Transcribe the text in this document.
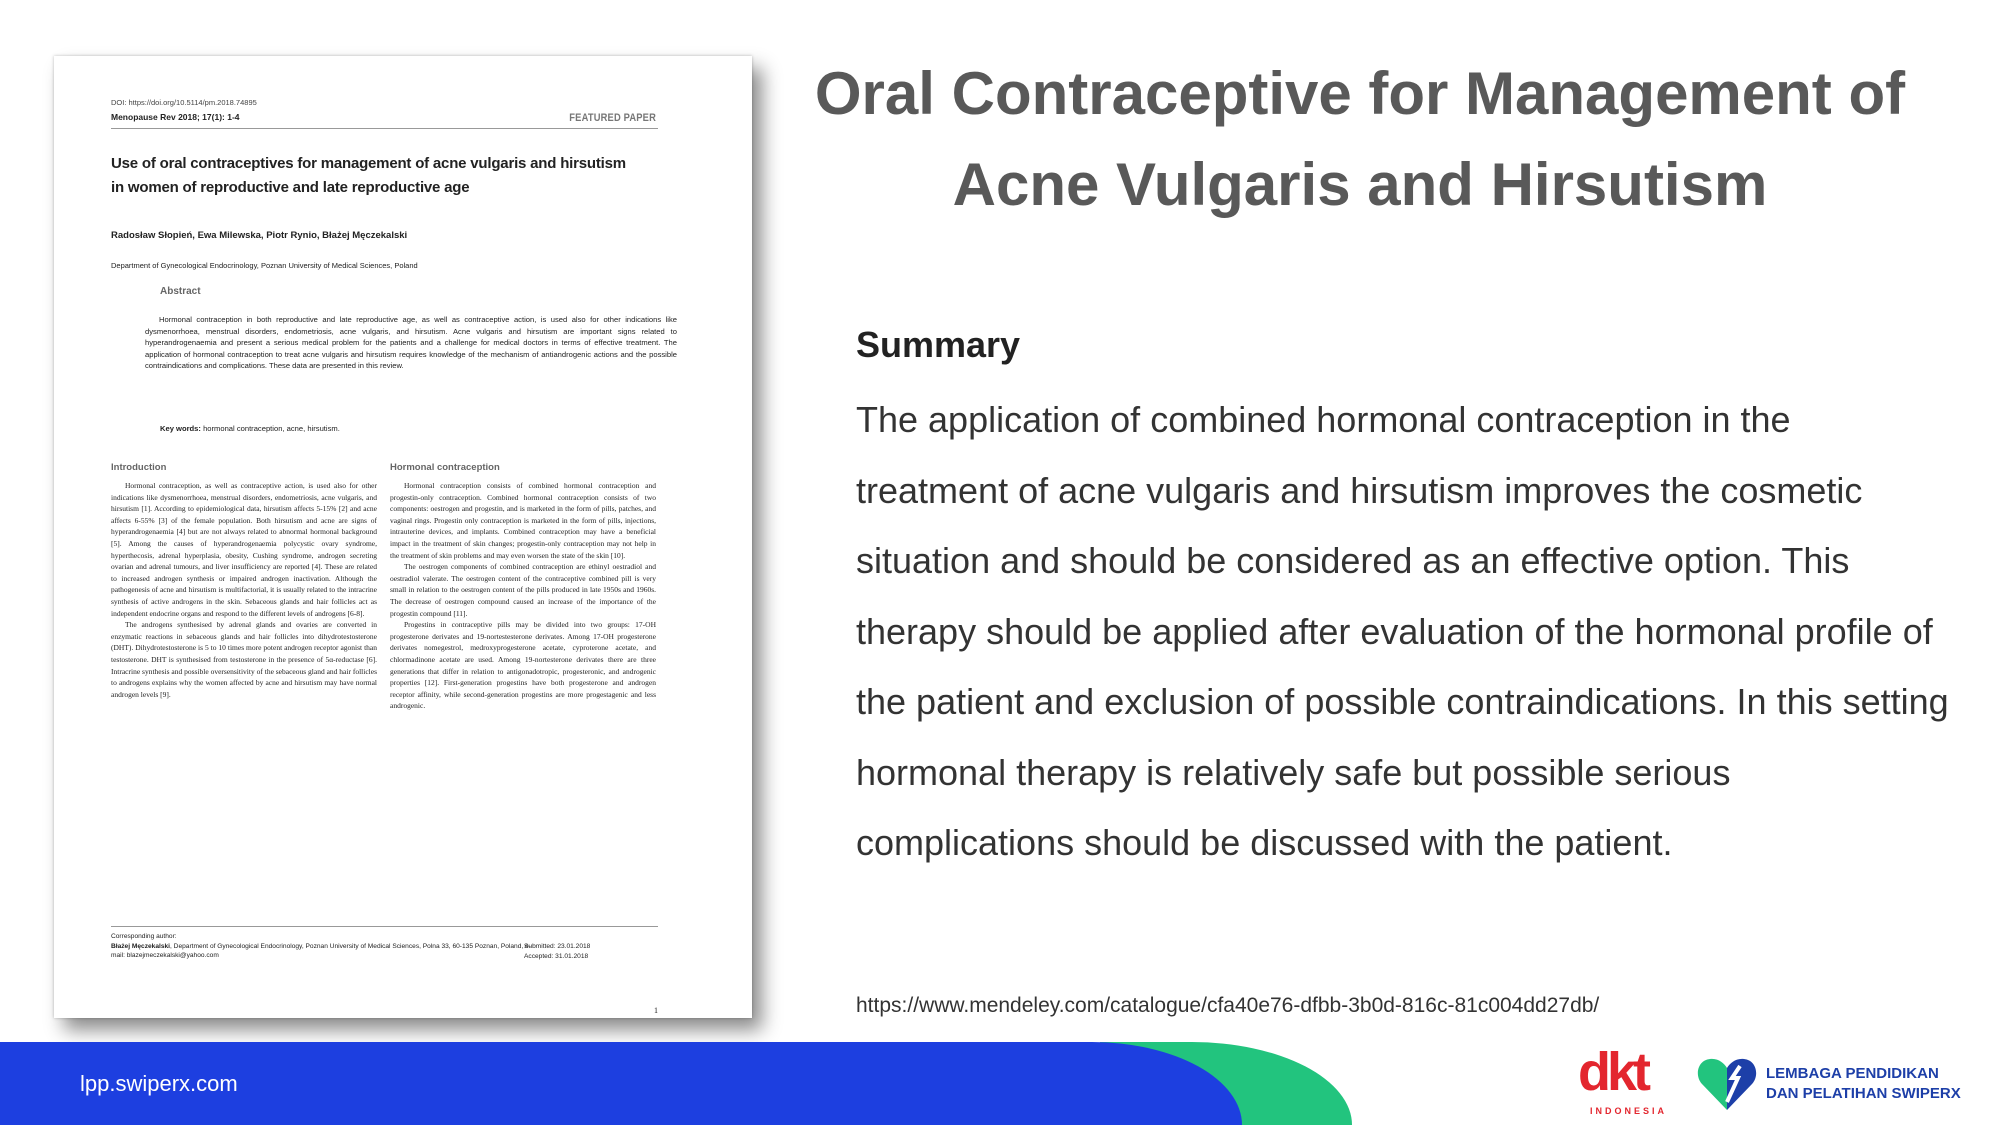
DOI: https://doi.org/10.5114/pm.2018.74895
Menopause Rev 2018; 17(1): 1-4	FEATURED PAPER
Use of oral contraceptives for management of acne vulgaris and hirsutism in women of reproductive and late reproductive age
Radosław Słopień, Ewa Milewska, Piotr Rynio, Błażej Męczekalski
Department of Gynecological Endocrinology, Poznan University of Medical Sciences, Poland
Abstract
Hormonal contraception in both reproductive and late reproductive age, as well as contraceptive action, is used also for other indications like dysmenorrhoea, menstrual disorders, endometriosis, acne vulgaris, and hirsutism. Acne vulgaris and hirsutism are important signs related to hyperandrogenaemia and present a serious medical problem for the patients and a challenge for medical doctors in terms of effective treatment. The application of hormonal contraception to treat acne vulgaris and hirsutism requires knowledge of the mechanism of antiandrogenic actions and the possible contraindications and complications. These data are presented in this review.
Key words: hormonal contraception, acne, hirsutism.
Introduction	Hormonal contraception

Hormonal contraception, as well as contraceptive action, is used also for other indications like dysmenorrhoea, menstrual disorders, endometriosis, acne vulgaris, and hirsutism [1]. According to epidemiological data, hirsutism affects 5-15% [2] and acne affects 6-55% [3] of the female population. Both hirsutism and acne are signs of hyperandrogenaemia [4] but are not always related to abnormal hormonal background [5]. Among the causes of hyperandrogenaemia polycystic ovary syndrome, hyperthecosis, adrenal hyperplasia, obesity, Cushing syndrome, androgen secreting ovarian and adrenal tumours, and liver insufficiency are reported [4]. These are related to increased androgen synthesis or impaired androgen inactivation. Although the pathogenesis of acne and hirsutism is multifactorial, it is usually related to the intracrine synthesis of active androgens in the skin. Sebaceous glands and hair follicles act as independent endocrine organs and respond to the different levels of androgens [6-8].

The androgens synthesised by adrenal glands and ovaries are converted in enzymatic reactions in sebaceous glands and hair follicles into dihydrotestosterone (DHT). Dihydrotestosterone is 5 to 10 times more potent androgen receptor agonist than testosterone. DHT is synthesised from testosterone in the presence of 5α-reductase [6]. Intracrine synthesis and possible oversensitivity of the sebaceous gland and hair follicles to androgens explains why the women affected by acne and hirsutism may have normal androgen levels [9].

Hormonal contraception consists of combined hormonal contraception and progestin-only contraception. Combined hormonal contraception consists of two components: oestrogen and progestin, and is marketed in the form of pills, patches, and vaginal rings. Progestin only contraception is marketed in the form of pills, injections, intrauterine devices, and implants. Combined contraception may have a beneficial impact in the treatment of skin changes; progestin-only contraception may not help in the treatment of skin problems and may even worsen the state of the skin [10].

The oestrogen components of combined contraception are ethinyl oestradiol and oestradiol valerate. The oestrogen content of the contraceptive combined pill is very small in relation to the oestrogen content of the pills produced in late 1950s and 1960s. The decrease of oestrogen compound caused an increase of the importance of the progestin compound [11].

Progestins in contraceptive pills may be divided into two groups: 17-OH progesterone derivates and 19-nortestesterone derivates. Among 17-OH progesterone derivates nomegestrol, medroxyprogesterone acetate, cyproterone acetate, and chlormadinone acetate are used. Among 19-nortesterone derivates there are three generations that differ in relation to antigonadotropic, progesteronic, and androgenic properties [12]. First-generation progestins have both progesterone and androgen receptor affinity, while second-generation progestins are more progestagenic and less androgenic.

Corresponding author:
Błażej Męczekalski, Department of Gynecological Endocrinology, Poznan University of Medical Sciences, Polna 33, 60-135 Poznan, Poland, e-mail: blazejmeczekalski@yahoo.com
Submitted: 23.01.2018
Accepted: 31.01.2018
1
Oral Contraceptive for Management of Acne Vulgaris and Hirsutism
Summary
The application of combined hormonal contraception in the treatment of acne vulgaris and hirsutism improves the cosmetic situation and should be considered as an effective option. This therapy should be applied after evaluation of the hormonal profile of the patient and exclusion of possible contraindications. In this setting hormonal therapy is relatively safe but possible serious complications should be discussed with the patient.
https://www.mendeley.com/catalogue/cfa40e76-dfbb-3b0d-816c-81c004dd27db/
lpp.swiperx.com	dkt
INDONESIA
LEMBAGA PENDIDIKAN
DAN PELATIHAN SWIPERX
